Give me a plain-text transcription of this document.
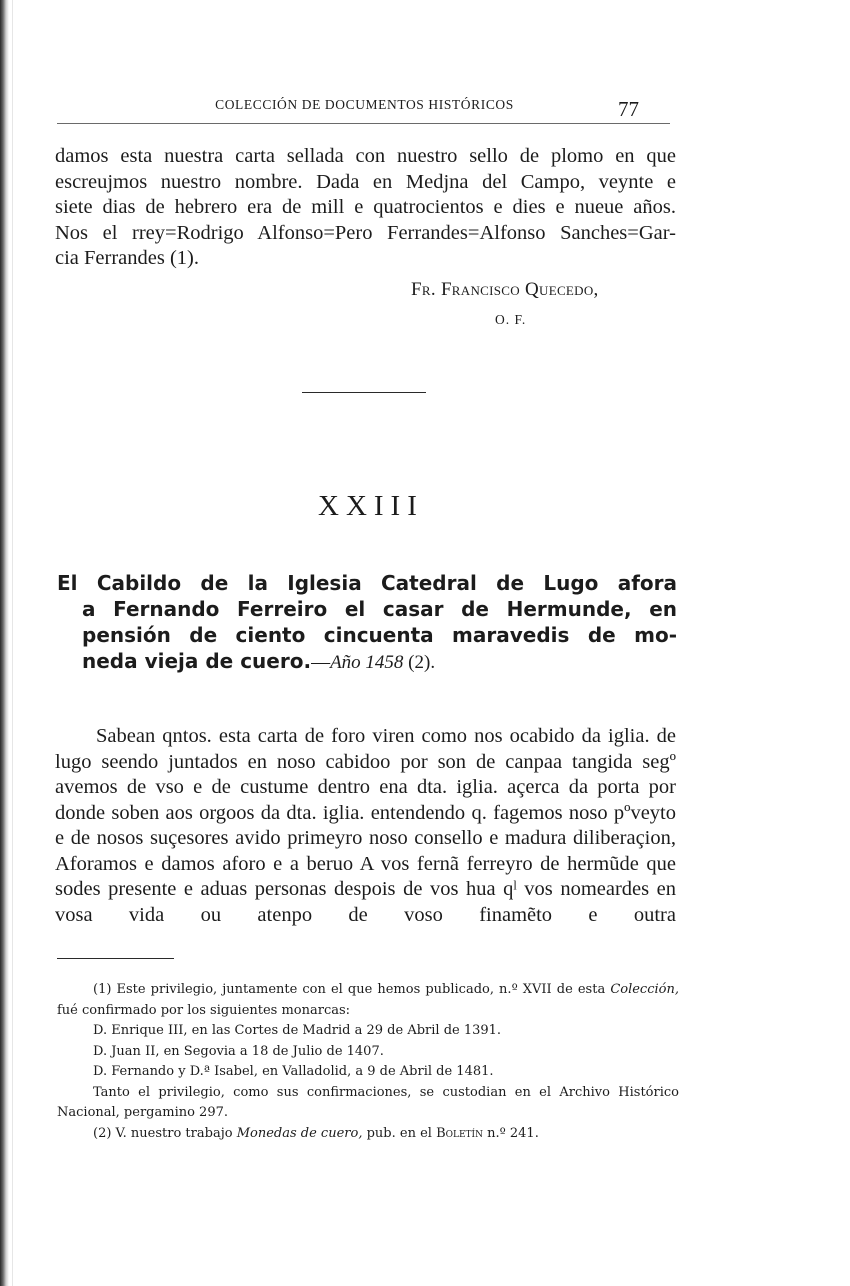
COLECCIÓN DE DOCUMENTOS HISTÓRICOS	77

damos esta nuestra carta sellada con nuestro sello de plomo en que

escreujmos nuestro nombre. Dada en Medjna del Campo, veynte e

siete dias de hebrero era de mill e quatrocientos e dies e nueue años.

Nos el rrey=Rodrigo Alfonso=Pero Ferrandes=Alfonso Sanches=Gar-

cia Ferrandes (1).

Fr. Francisco Quecedo,
O. F.
XXIII
El Cabildo de la Iglesia Catedral de Lugo afora
a Fernando Ferreiro el casar de Hermunde, en
pensión de ciento cincuenta maravedis de mo-
neda vieja de cuero.—Año 1458 (2).

Sabean qntos. esta carta de foro viren como nos ocabido da iglia. de lugo seendo juntados en noso cabidoo por son de canpaa tangida segº avemos de vso e de custume dentro ena dta. iglia. açerca da porta por donde soben aos orgoos da dta. iglia. entendendo q. fagemos noso pºveyto e de nosos suçesores avido primeyro noso consello e madura diliberaçion, Aforamos e damos aforo e a beruo A vos fernã ferreyro de hermũde que sodes presente e aduas personas despois de vos hua qˡ vos nomeardes en vosa vida ou atenpo de voso finamẽto e outra

(1) Este privilegio, juntamente con el que hemos publicado, n.º XVII de esta Colección, fué confirmado por los siguientes monarcas:

D. Enrique III, en las Cortes de Madrid a 29 de Abril de 1391.

D. Juan II, en Segovia a 18 de Julio de 1407.

D. Fernando y D.ª Isabel, en Valladolid, a 9 de Abril de 1481.

Tanto el privilegio, como sus confirmaciones, se custodian en el Archivo Histórico Nacional, pergamino 297.

(2) V. nuestro trabajo Monedas de cuero, pub. en el Boletín n.º 241.
